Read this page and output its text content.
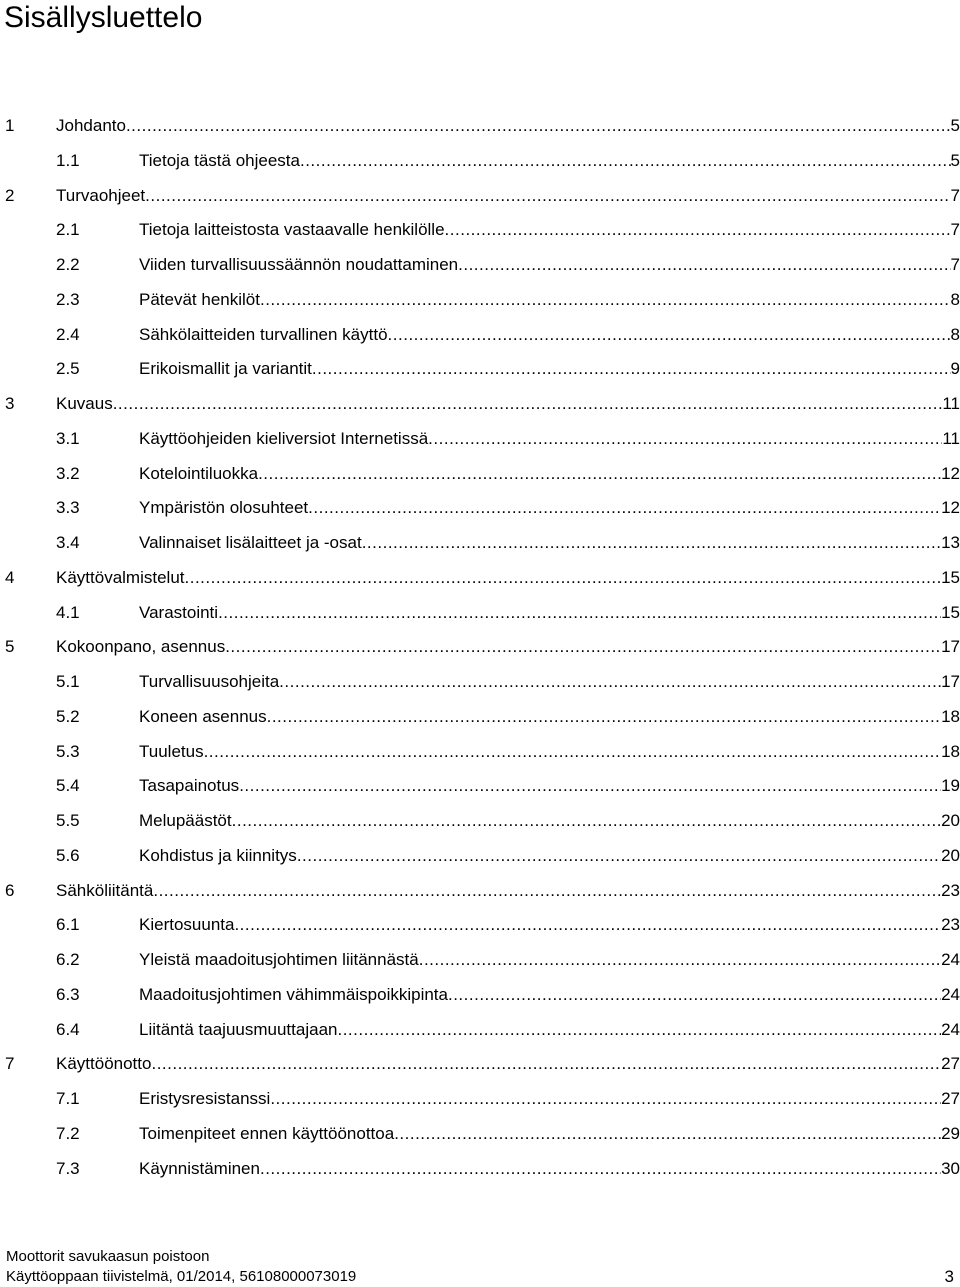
Sisällysluettelo
1 Johdanto .....	5
1.1	Tietoja tästä ohjeesta .....	5
2 Turvaohjeet .....	7
2.1	Tietoja laitteistosta vastaavalle henkilölle .....	7
2.2	Viiden turvallisuussäännön noudattaminen .....	7
2.3	Pätevät henkilöt .....	8
2.4	Sähkölaitteiden turvallinen käyttö .....	8
2.5	Erikoismallit ja variantit .....	9
3 Kuvaus .....	11
3.1	Käyttöohjeiden kieliversiot Internetissä .....	11
3.2	Kotelointiluokka .....	12
3.3	Ympäristön olosuhteet .....	12
3.4	Valinnaiset lisälaitteet ja -osat .....	13
4 Käyttövalmistelut .....	15
4.1	Varastointi .....	15
5 Kokoonpano, asennus .....	17
5.1	Turvallisuusohjeita .....	17
5.2	Koneen asennus .....	18
5.3	Tuuletus .....	18
5.4	Tasapainotus .....	19
5.5	Melupäästöt .....	20
5.6	Kohdistus ja kiinnitys .....	20
6 Sähköliitäntä .....	23
6.1	Kiertosuunta .....	23
6.2	Yleistä maadoitusjohtimen liitännästä .....	24
6.3	Maadoitusjohtimen vähimmäispoikkipinta .....	24
6.4	Liitäntä taajuusmuuttajaan .....	24
7 Käyttöönotto .....	27
7.1	Eristysresistanssi .....	27
7.2	Toimenpiteet ennen käyttöönottoa .....	29
7.3	Käynnistäminen .....	30
Moottorit savukaasun poistoon
Käyttöoppaan tiivistelmä, 01/2014, 56108000073019	3
